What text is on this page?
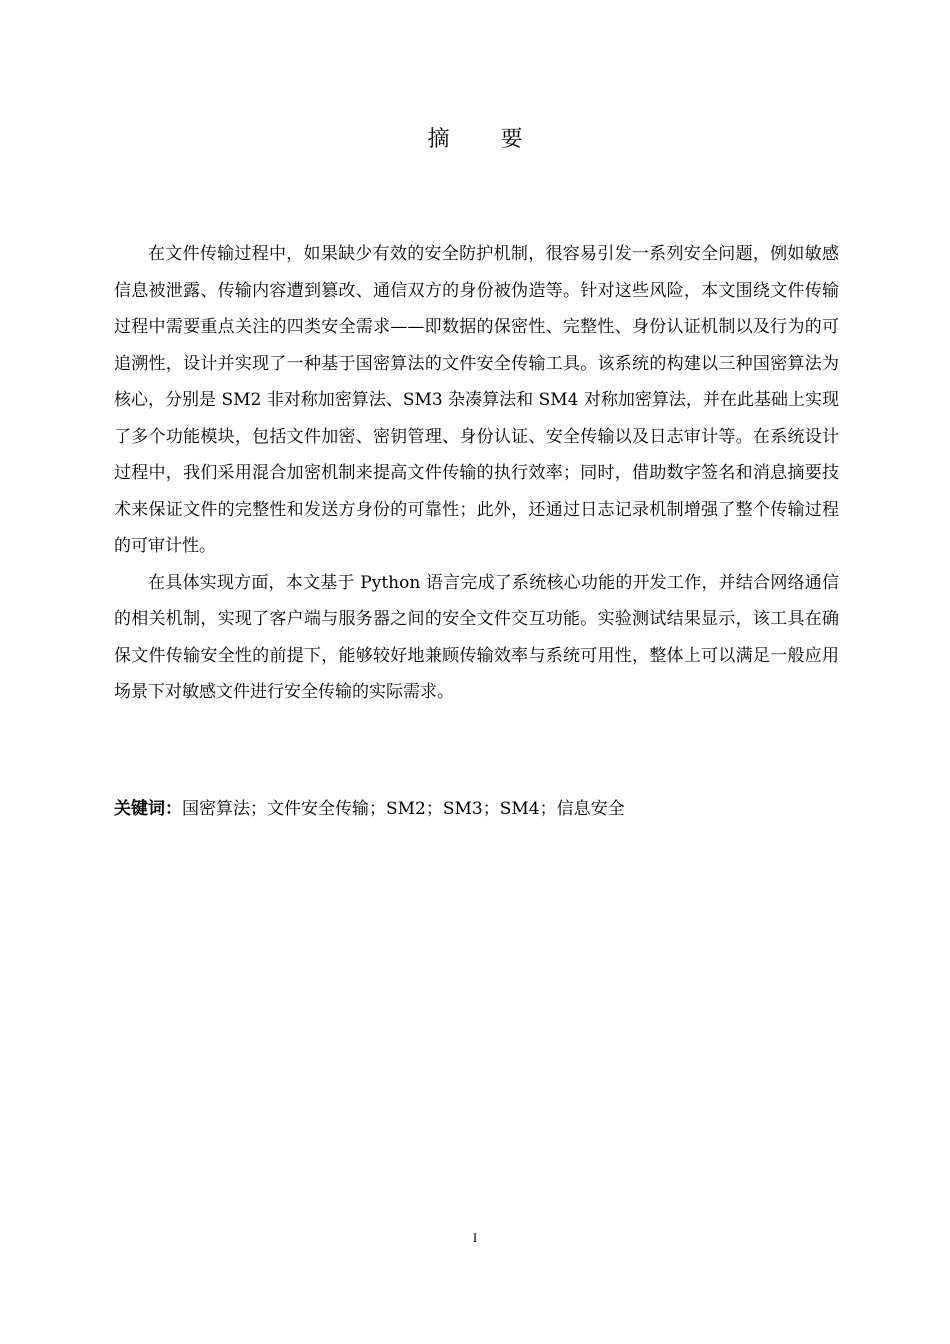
摘 要

在文件传输过程中，如果缺少有效的安全防护机制，很容易引发一系列安全问题，例如敏感信息被泄露、传输内容遭到篡改、通信双方的身份被伪造等。针对这些风险，本文围绕文件传输过程中需要重点关注的四类安全需求——即数据的保密性、完整性、身份认证机制以及行为的可追溯性，设计并实现了一种基于国密算法的文件安全传输工具。该系统的构建以三种国密算法为核心，分别是 SM2 非对称加密算法、SM3 杂凑算法和 SM4 对称加密算法，并在此基础上实现了多个功能模块，包括文件加密、密钥管理、身份认证、安全传输以及日志审计等。在系统设计过程中，我们采用混合加密机制来提高文件传输的执行效率；同时，借助数字签名和消息摘要技术来保证文件的完整性和发送方身份的可靠性；此外，还通过日志记录机制增强了整个传输过程的可审计性。

在具体实现方面，本文基于 Python 语言完成了系统核心功能的开发工作，并结合网络通信的相关机制，实现了客户端与服务器之间的安全文件交互功能。实验测试结果显示，该工具在确保文件传输安全性的前提下，能够较好地兼顾传输效率与系统可用性，整体上可以满足一般应用场景下对敏感文件进行安全传输的实际需求。

关键词：国密算法；文件安全传输；SM2；SM3；SM4；信息安全
I
